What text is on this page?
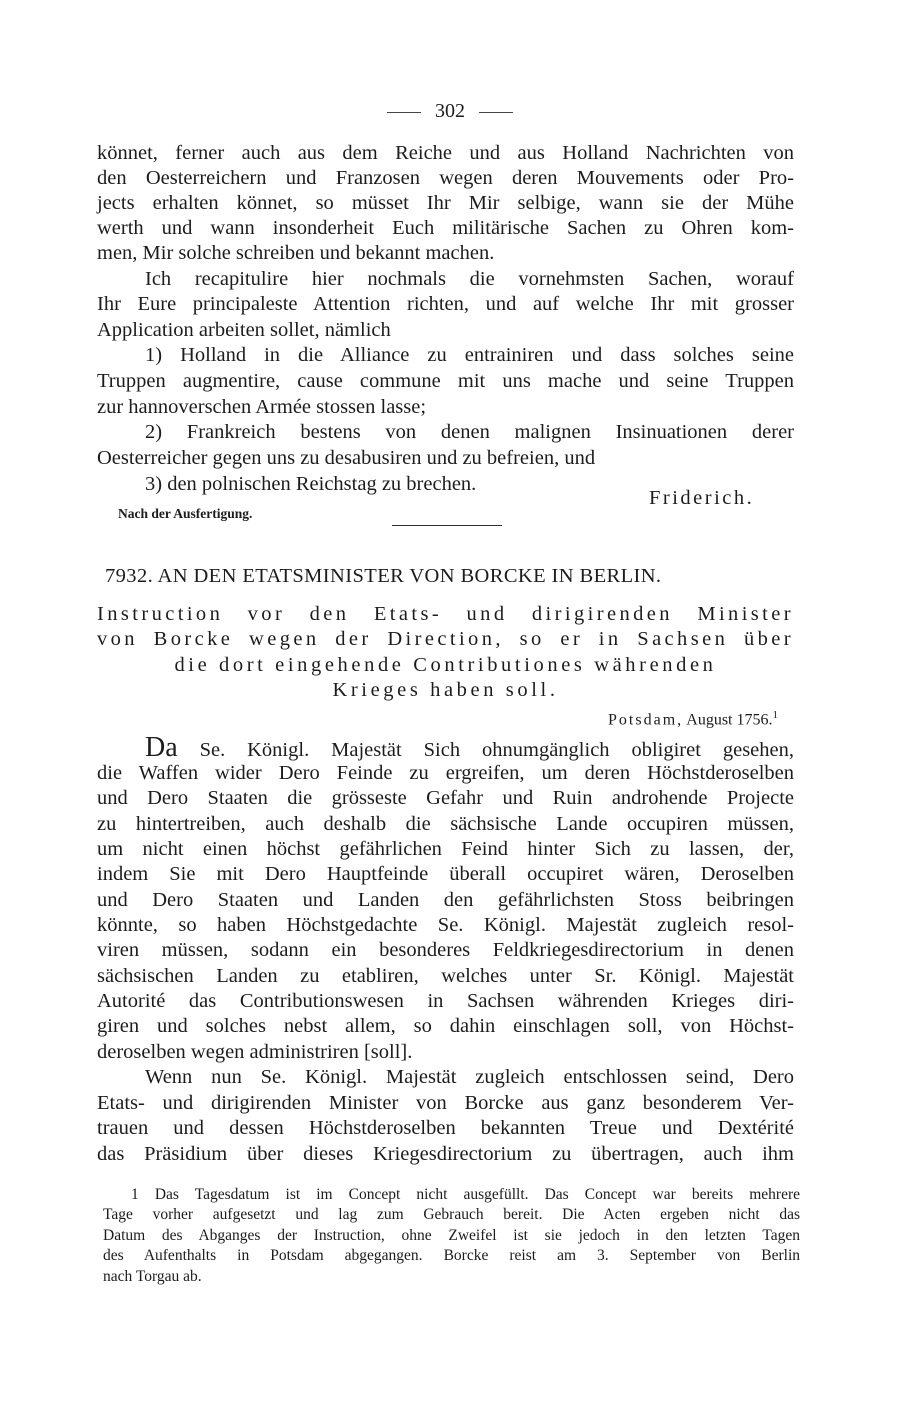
302
könnet, ferner auch aus dem Reiche und aus Holland Nachrichten von
den Oesterreichern und Franzosen wegen deren Mouvements oder Pro-
jects erhalten könnet, so müsset Ihr Mir selbige, wann sie der Mühe
werth und wann insonderheit Euch militärische Sachen zu Ohren kom-
men, Mir solche schreiben und bekannt machen.
Ich recapitulire hier nochmals die vornehmsten Sachen, worauf
Ihr Eure principaleste Attention richten, und auf welche Ihr mit grosser
Application arbeiten sollet, nämlich
1) Holland in die Alliance zu entrainiren und dass solches seine
Truppen augmentire, cause commune mit uns mache und seine Truppen
zur hannoverschen Armée stossen lasse;
2) Frankreich bestens von denen malignen Insinuationen derer
Oesterreicher gegen uns zu desabusiren und zu befreien, und
3) den polnischen Reichstag zu brechen.
Friderich.
Nach der Ausfertigung.
7932. AN DEN ETATSMINISTER VON BORCKE IN BERLIN.
Instruction vor den Etats- und dirigirenden Minister
von Borcke wegen der Direction, so er in Sachsen über
die dort eingehende Contributiones währenden
Krieges haben soll.
Potsdam, August 1756.$^1$
Da Se. Königl. Majestät Sich ohnumgänglich obligiret gesehen,
die Waffen wider Dero Feinde zu ergreifen, um deren Höchstderoselben
und Dero Staaten die grösseste Gefahr und Ruin androhende Projecte
zu hintertreiben, auch deshalb die sächsische Lande occupiren müssen,
um nicht einen höchst gefährlichen Feind hinter Sich zu lassen, der,
indem Sie mit Dero Hauptfeinde überall occupiret wären, Deroselben
und Dero Staaten und Landen den gefährlichsten Stoss beibringen
könnte, so haben Höchstgedachte Se. Königl. Majestät zugleich resol-
viren müssen, sodann ein besonderes Feldkriegesdirectorium in denen
sächsischen Landen zu etabliren, welches unter Sr. Königl. Majestät
Autorité das Contributionswesen in Sachsen währenden Krieges diri-
giren und solches nebst allem, so dahin einschlagen soll, von Höchst-
deroselben wegen administriren [soll].
Wenn nun Se. Königl. Majestät zugleich entschlossen seind, Dero
Etats- und dirigirenden Minister von Borcke aus ganz besonderem Ver-
trauen und dessen Höchstderoselben bekannten Treue und Dextérité
das Präsidium über dieses Kriegesdirectorium zu übertragen, auch ihm
1 Das Tagesdatum ist im Concept nicht ausgefüllt. Das Concept war bereits mehrere
Tage vorher aufgesetzt und lag zum Gebrauch bereit. Die Acten ergeben nicht das
Datum des Abganges der Instruction, ohne Zweifel ist sie jedoch in den letzten Tagen
des Aufenthalts in Potsdam abgegangen. Borcke reist am 3. September von Berlin
nach Torgau ab.
